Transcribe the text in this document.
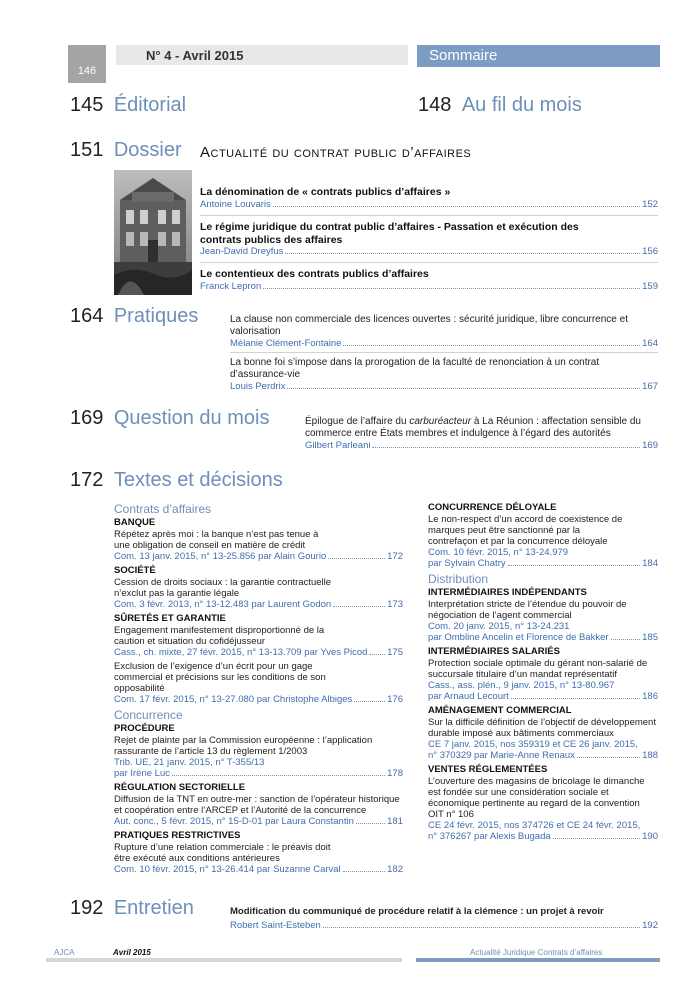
146
N° 4 - Avril 2015	Sommaire
145 Éditorial	148 Au fil du mois
151 Dossier Actualité du contrat public d’affaires
La dénomination de « contrats publics d’affaires »
Antoine Louvaris	152
Le régime juridique du contrat public d’affaires - Passation et exécution des contrats publics des affaires
Jean-David Dreyfus	156
Le contentieux des contrats publics d’affaires
Franck Lepron	159
164 Pratiques	La clause non commerciale des licences ouvertes : sécurité juridique, libre concurrence et valorisation
Mélanie Clément-Fontaine	164
La bonne foi s’impose dans la prorogation de la faculté de renonciation à un contrat d’assurance-vie
Louis Perdrix	167
169 Question du mois	Épilogue de l’affaire du carburéacteur à La Réunion : affectation sensible du commerce entre États membres et indulgence à l’égard des autorités
Gilbert Parleani	169
172 Textes et décisions
Contrats d’affaires
BANQUE
Répétez après moi : la banque n’est pas tenue à une obligation de conseil en matière de crédit
Com. 13 janv. 2015, n° 13-25.856 par Alain Gourio	172
SOCIÉTÉ
Cession de droits sociaux : la garantie contractuelle n’exclut pas la garantie légale
Com. 3 févr. 2013, n° 13-12.483 par Laurent Godon	173
SÛRETÉS ET GARANTIE
Engagement manifestement disproportionné de la caution et situation du cofidéjusseur
Cass., ch. mixte, 27 févr. 2015, n° 13-13.709 par Yves Picod 175
Exclusion de l’exigence d’un écrit pour un gage commercial et précisions sur les conditions de son opposabilité
Com. 17 févr. 2015, n° 13-27.080 par Christophe Albiges	176
Concurrence
PROCÉDURE
Rejet de plainte par la Commission européenne : l’application rassurante de l’article 13 du règlement 1/2003
Trib. UE, 21 janv. 2015, n° T-355/13
par Irène Luc	178
RÉGULATION SECTORIELLE
Diffusion de la TNT en outre-mer : sanction de l’opérateur historique et coopération entre l’ARCEP et l’Autorité de la concurrence
Aut. conc., 5 févr. 2015, n° 15-D-01 par Laura Constantin	181
PRATIQUES RESTRICTIVES
Rupture d’une relation commerciale : le préavis doit être exécuté aux conditions antérieures
Com. 10 févr. 2015, n° 13-26.414 par Suzanne Carval	182
CONCURRENCE DÉLOYALE
Le non-respect d’un accord de coexistence de marques peut être sanctionné par la contrefaçon et par la concurrence déloyale
Com. 10 févr. 2015, n° 13-24.979
par Sylvain Chatry	184
Distribution
INTERMÉDIAIRES INDÉPENDANTS
Interprétation stricte de l’étendue du pouvoir de négociation de l’agent commercial
Com. 20 janv. 2015, n° 13-24.231
par Ombline Ancelin et Florence de Bakker	185
INTERMÉDIAIRES SALARIÉS
Protection sociale optimale du gérant non-salarié de succursale titulaire d’un mandat représentatif
Cass., ass. plén., 9 janv. 2015, n° 13-80.967
par Arnaud Lecourt	186
AMÉNAGEMENT COMMERCIAL
Sur la difficile définition de l’objectif de développement durable imposé aux bâtiments commerciaux
CE 7 janv. 2015, nos 359319 et CE 26 janv. 2015,
n° 370329 par Marie-Anne Renaux	188
VENTES RÉGLEMENTÉES
L’ouverture des magasins de bricolage le dimanche est fondée sur une considération sociale et économique pertinente au regard de la convention OIT n° 106
CE 24 févr. 2015, nos 374726 et CE 24 févr. 2015,
n° 376267 par Alexis Bugada	190
192 Entretien	Modification du communiqué de procédure relatif à la clémence : un projet à revoir
Robert Saint-Esteben	192
AJCA	Avril 2015	Actualité Juridique Contrats d’affaires
